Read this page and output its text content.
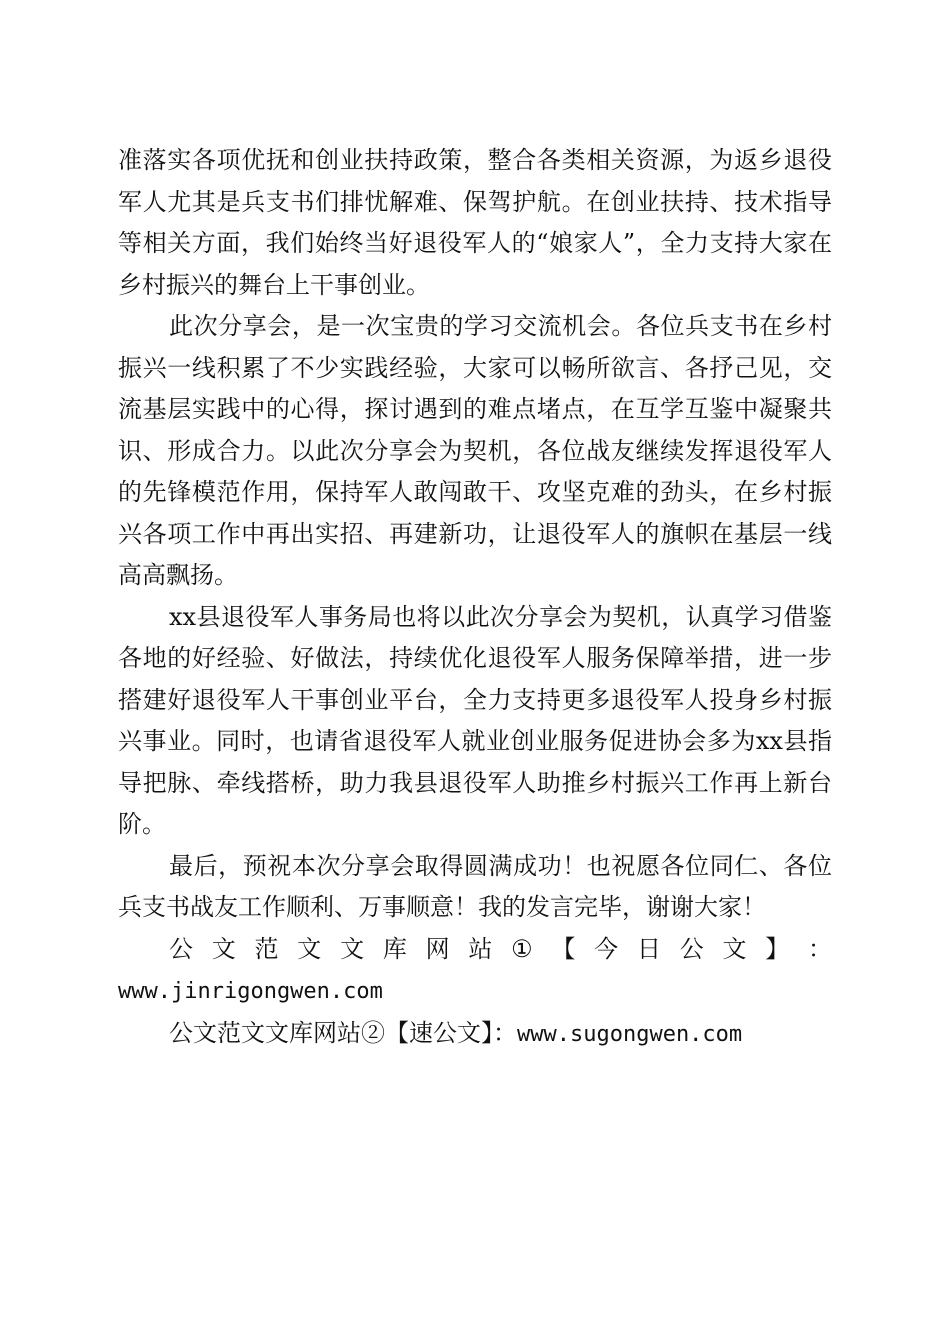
准落实各项优抚和创业扶持政策，整合各类相关资源，为返乡退役军人尤其是兵支书们排忧解难、保驾护航。在创业扶持、技术指导等相关方面，我们始终当好退役军人的“娘家人”，全力支持大家在乡村振兴的舞台上干事创业。

此次分享会，是一次宝贵的学习交流机会。各位兵支书在乡村振兴一线积累了不少实践经验，大家可以畅所欲言、各抒己见，交流基层实践中的心得，探讨遇到的难点堵点，在互学互鉴中凝聚共识、形成合力。以此次分享会为契机，各位战友继续发挥退役军人的先锋模范作用，保持军人敢闯敢干、攻坚克难的劲头，在乡村振兴各项工作中再出实招、再建新功，让退役军人的旗帜在基层一线高高飘扬。

xx县退役军人事务局也将以此次分享会为契机，认真学习借鉴各地的好经验、好做法，持续优化退役军人服务保障举措，进一步搭建好退役军人干事创业平台，全力支持更多退役军人投身乡村振兴事业。同时，也请省退役军人就业创业服务促进协会多为xx县指导把脉、牵线搭桥，助力我县退役军人助推乡村振兴工作再上新台阶。

最后，预祝本次分享会取得圆满成功！也祝愿各位同仁、各位兵支书战友工作顺利、万事顺意！我的发言完毕，谢谢大家！

公 文 范 文 文 库 网 站 ① 【 今 日 公 文 】 ：

www.jinrigongwen.com

公文范文文库网站②【速公文】：www.sugongwen.com
